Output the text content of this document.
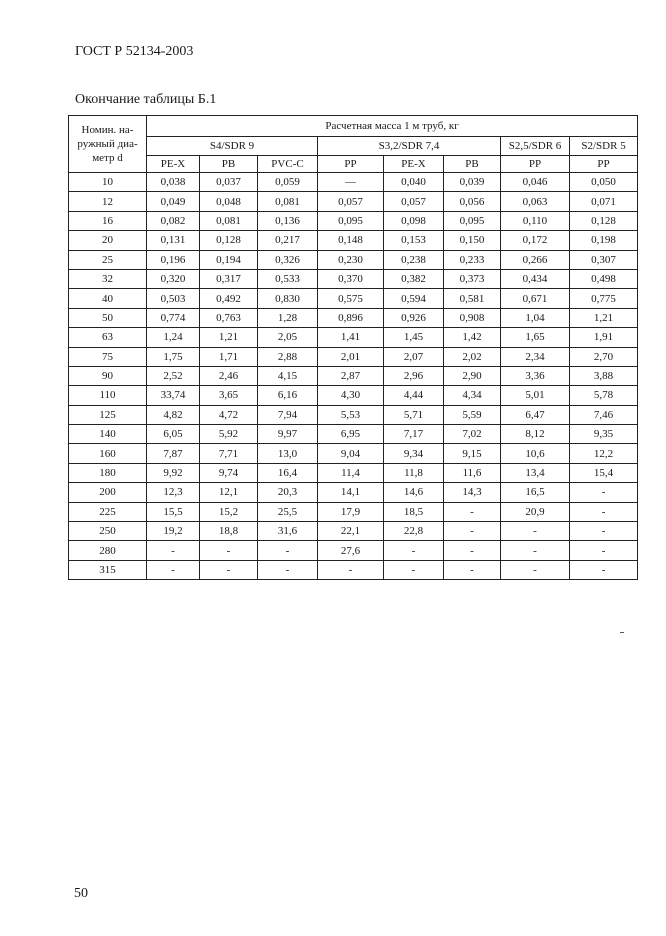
ГОСТ Р 52134-2003
Окончание таблицы Б.1
Номин. на-ружный диа-метр d	Расчетная масса 1 м труб, кг							
	S4/SDR 9			S3,2/SDR 7,4			S2,5/SDR 6	S2/SDR 5
	PE-X	PB	PVC-C	PP	PE-X	PB	PP	PP
10	0,038	0,037	0,059	—	0,040	0,039	0,046	0,050
12	0,049	0,048	0,081	0,057	0,057	0,056	0,063	0,071
16	0,082	0,081	0,136	0,095	0,098	0,095	0,110	0,128
20	0,131	0,128	0,217	0,148	0,153	0,150	0,172	0,198
25	0,196	0,194	0,326	0,230	0,238	0,233	0,266	0,307
32	0,320	0,317	0,533	0,370	0,382	0,373	0,434	0,498
40	0,503	0,492	0,830	0,575	0,594	0,581	0,671	0,775
50	0,774	0,763	1,28	0,896	0,926	0,908	1,04	1,21
63	1,24	1,21	2,05	1,41	1,45	1,42	1,65	1,91
75	1,75	1,71	2,88	2,01	2,07	2,02	2,34	2,70
90	2,52	2,46	4,15	2,87	2,96	2,90	3,36	3,88
110	33,74	3,65	6,16	4,30	4,44	4,34	5,01	5,78
125	4,82	4,72	7,94	5,53	5,71	5,59	6,47	7,46
140	6,05	5,92	9,97	6,95	7,17	7,02	8,12	9,35
160	7,87	7,71	13,0	9,04	9,34	9,15	10,6	12,2
180	9,92	9,74	16,4	11,4	11,8	11,6	13,4	15,4
200	12,3	12,1	20,3	14,1	14,6	14,3	16,5	-
225	15,5	15,2	25,5	17,9	18,5	-	20,9	-
250	19,2	18,8	31,6	22,1	22,8	-	-	-
280	-	-	-	27,6	-	-	-	-
315	-	-	-	-	-	-	-	-
50
